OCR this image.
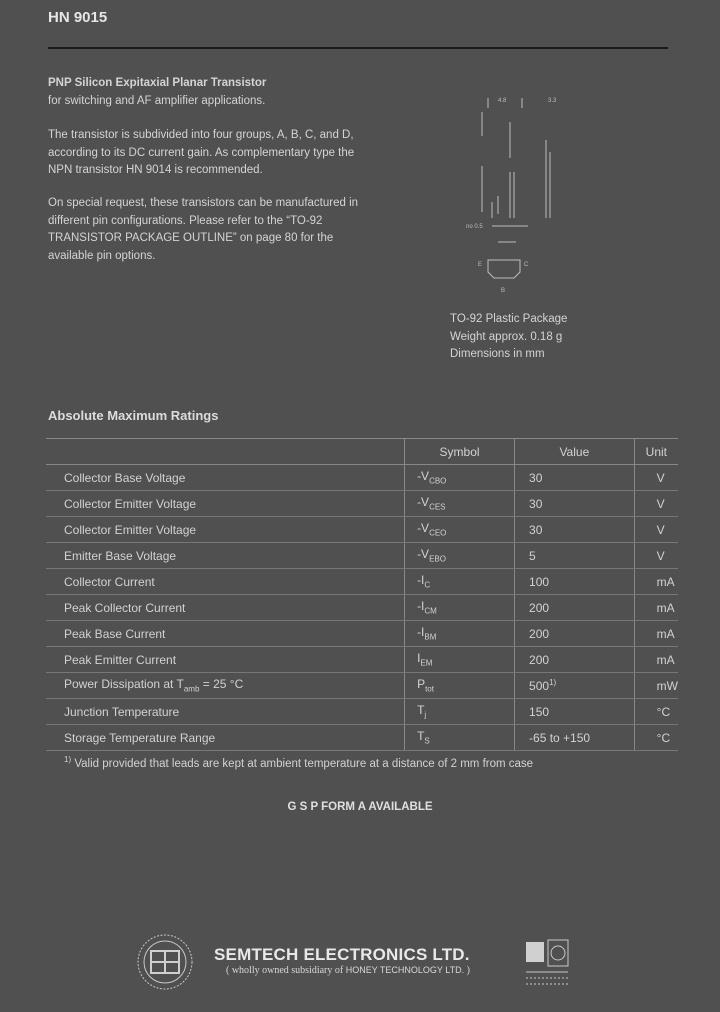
HN 9015
PNP Silicon Expitaxial Planar Transistor
for switching and AF amplifier applications.
The transistor is subdivided into four groups, A, B, C, and D, according to its DC current gain. As complementary type the NPN transistor HN 9014 is recommended.
On special request, these transistors can be manufactured in different pin configurations. Please refer to the “TO-92 TRANSISTOR PACKAGE OUTLINE” on page 80 for the available pin options.
4.8	3.3
no 0.5
E	C
B
TO-92 Plastic Package
Weight approx. 0.18 g
Dimensions in mm
Absolute Maximum Ratings
	Symbol	Value	Unit
Collector Base Voltage	$-V_{CBO}$	30	V
Collector Emitter Voltage	$-V_{CES}$	30	V
Collector Emitter Voltage	$-V_{CEO}$	30	V
Emitter Base Voltage	$-V_{EBO}$	5	V
Collector Current	$-I_C$	100	mA
Peak Collector Current	$-I_{CM}$	200	mA
Peak Base Current	$-I_{BM}$	200	mA
Peak Emitter Current	$I_{EM}$	200	mA
Power Dissipation at $T_{amb} = 25$ °C	$P_{tot}$	500$^{1)}$	mW
Junction Temperature	$T_j$	150	°C
Storage Temperature Range	$T_S$	-65 to +150	°C
$^{1)}$ Valid provided that leads are kept at ambient temperature at a distance of 2 mm from case
G S P FORM A AVAILABLE
SEMTECH ELECTRONICS LTD.
( wholly owned subsidiary of HONEY TECHNOLOGY LTD. )
